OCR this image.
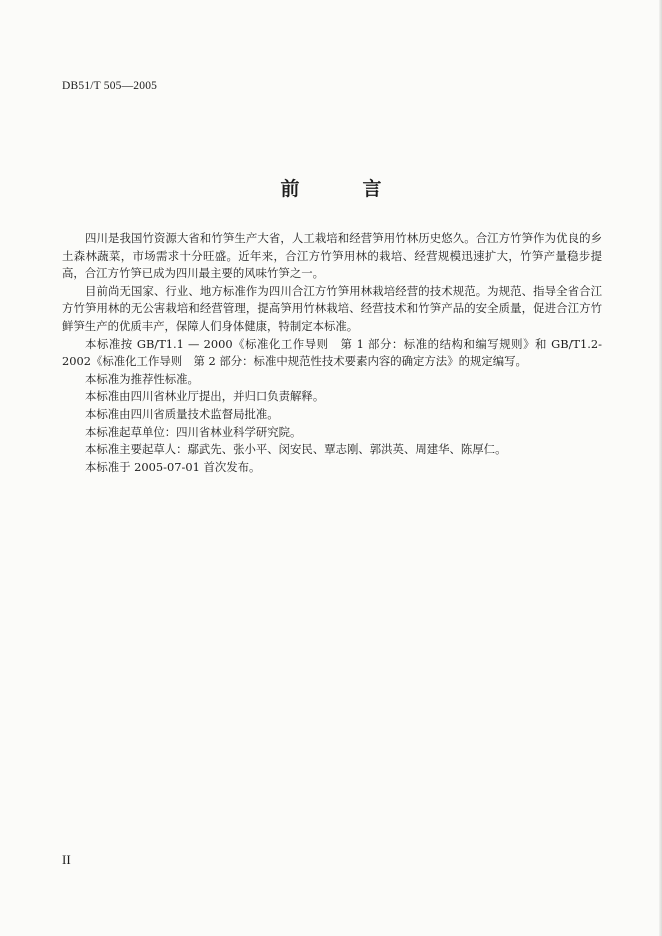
DB51/T 505—2005
前　言

四川是我国竹资源大省和竹笋生产大省，人工栽培和经营笋用竹林历史悠久。合江方竹笋作为优良的乡土森林蔬菜，市场需求十分旺盛。近年来，合江方竹笋用林的栽培、经营规模迅速扩大，竹笋产量稳步提高，合江方竹笋已成为四川最主要的风味竹笋之一。

目前尚无国家、行业、地方标准作为四川合江方竹笋用林栽培经营的技术规范。为规范、指导全省合江方竹笋用林的无公害栽培和经营管理，提高笋用竹林栽培、经营技术和竹笋产品的安全质量，促进合江方竹鲜笋生产的优质丰产，保障人们身体健康，特制定本标准。

本标准按 GB/T1.1 — 2000《标准化工作导则　第 1 部分：标准的结构和编写规则》和 GB/T1.2-2002《标准化工作导则　第 2 部分：标准中规范性技术要素内容的确定方法》的规定编写。

本标准为推荐性标准。

本标准由四川省林业厅提出，并归口负责解释。

本标准由四川省质量技术监督局批准。

本标准起草单位：四川省林业科学研究院。

本标准主要起草人：鄢武先、张小平、闵安民、覃志刚、郭洪英、周建华、陈厚仁。

本标准于 2005-07-01 首次发布。

II
